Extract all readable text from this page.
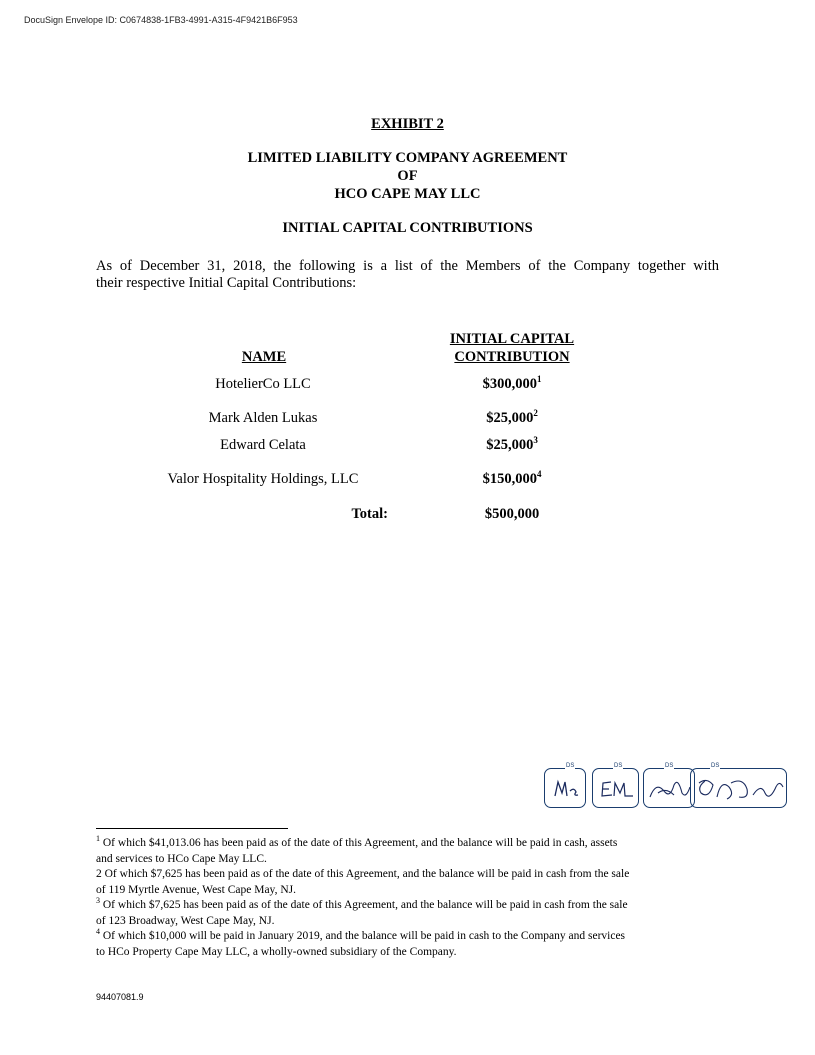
DocuSign Envelope ID: C0674838-1FB3-4991-A315-4F9421B6F953
EXHIBIT 2
LIMITED LIABILITY COMPANY AGREEMENT
OF
HCO CAPE MAY LLC
INITIAL CAPITAL CONTRIBUTIONS
As of December 31, 2018, the following is a list of the Members of the Company together with
their respective Initial Capital Contributions:
INITIAL CAPITAL
NAME	CONTRIBUTION
HotelierCo LLC	$300,000$^1$
Mark Alden Lukas	$25,000$^2$
Edward Celata	$25,000$^3$
Valor Hospitality Holdings, LLC	$150,000$^4$
Total:	$500,000
DS	DS	DS	DS
$^1$ Of which $41,013.06 has been paid as of the date of this Agreement, and the balance will be paid in cash, assets
and services to HCo Cape May LLC.
2 Of which $7,625 has been paid as of the date of this Agreement, and the balance will be paid in cash from the sale
of 119 Myrtle Avenue, West Cape May, NJ.
$^3$ Of which $7,625 has been paid as of the date of this Agreement, and the balance will be paid in cash from the sale
of 123 Broadway, West Cape May, NJ.
$^4$ Of which $10,000 will be paid in January 2019, and the balance will be paid in cash to the Company and services
to HCo Property Cape May LLC, a wholly-owned subsidiary of the Company.
94407081.9
